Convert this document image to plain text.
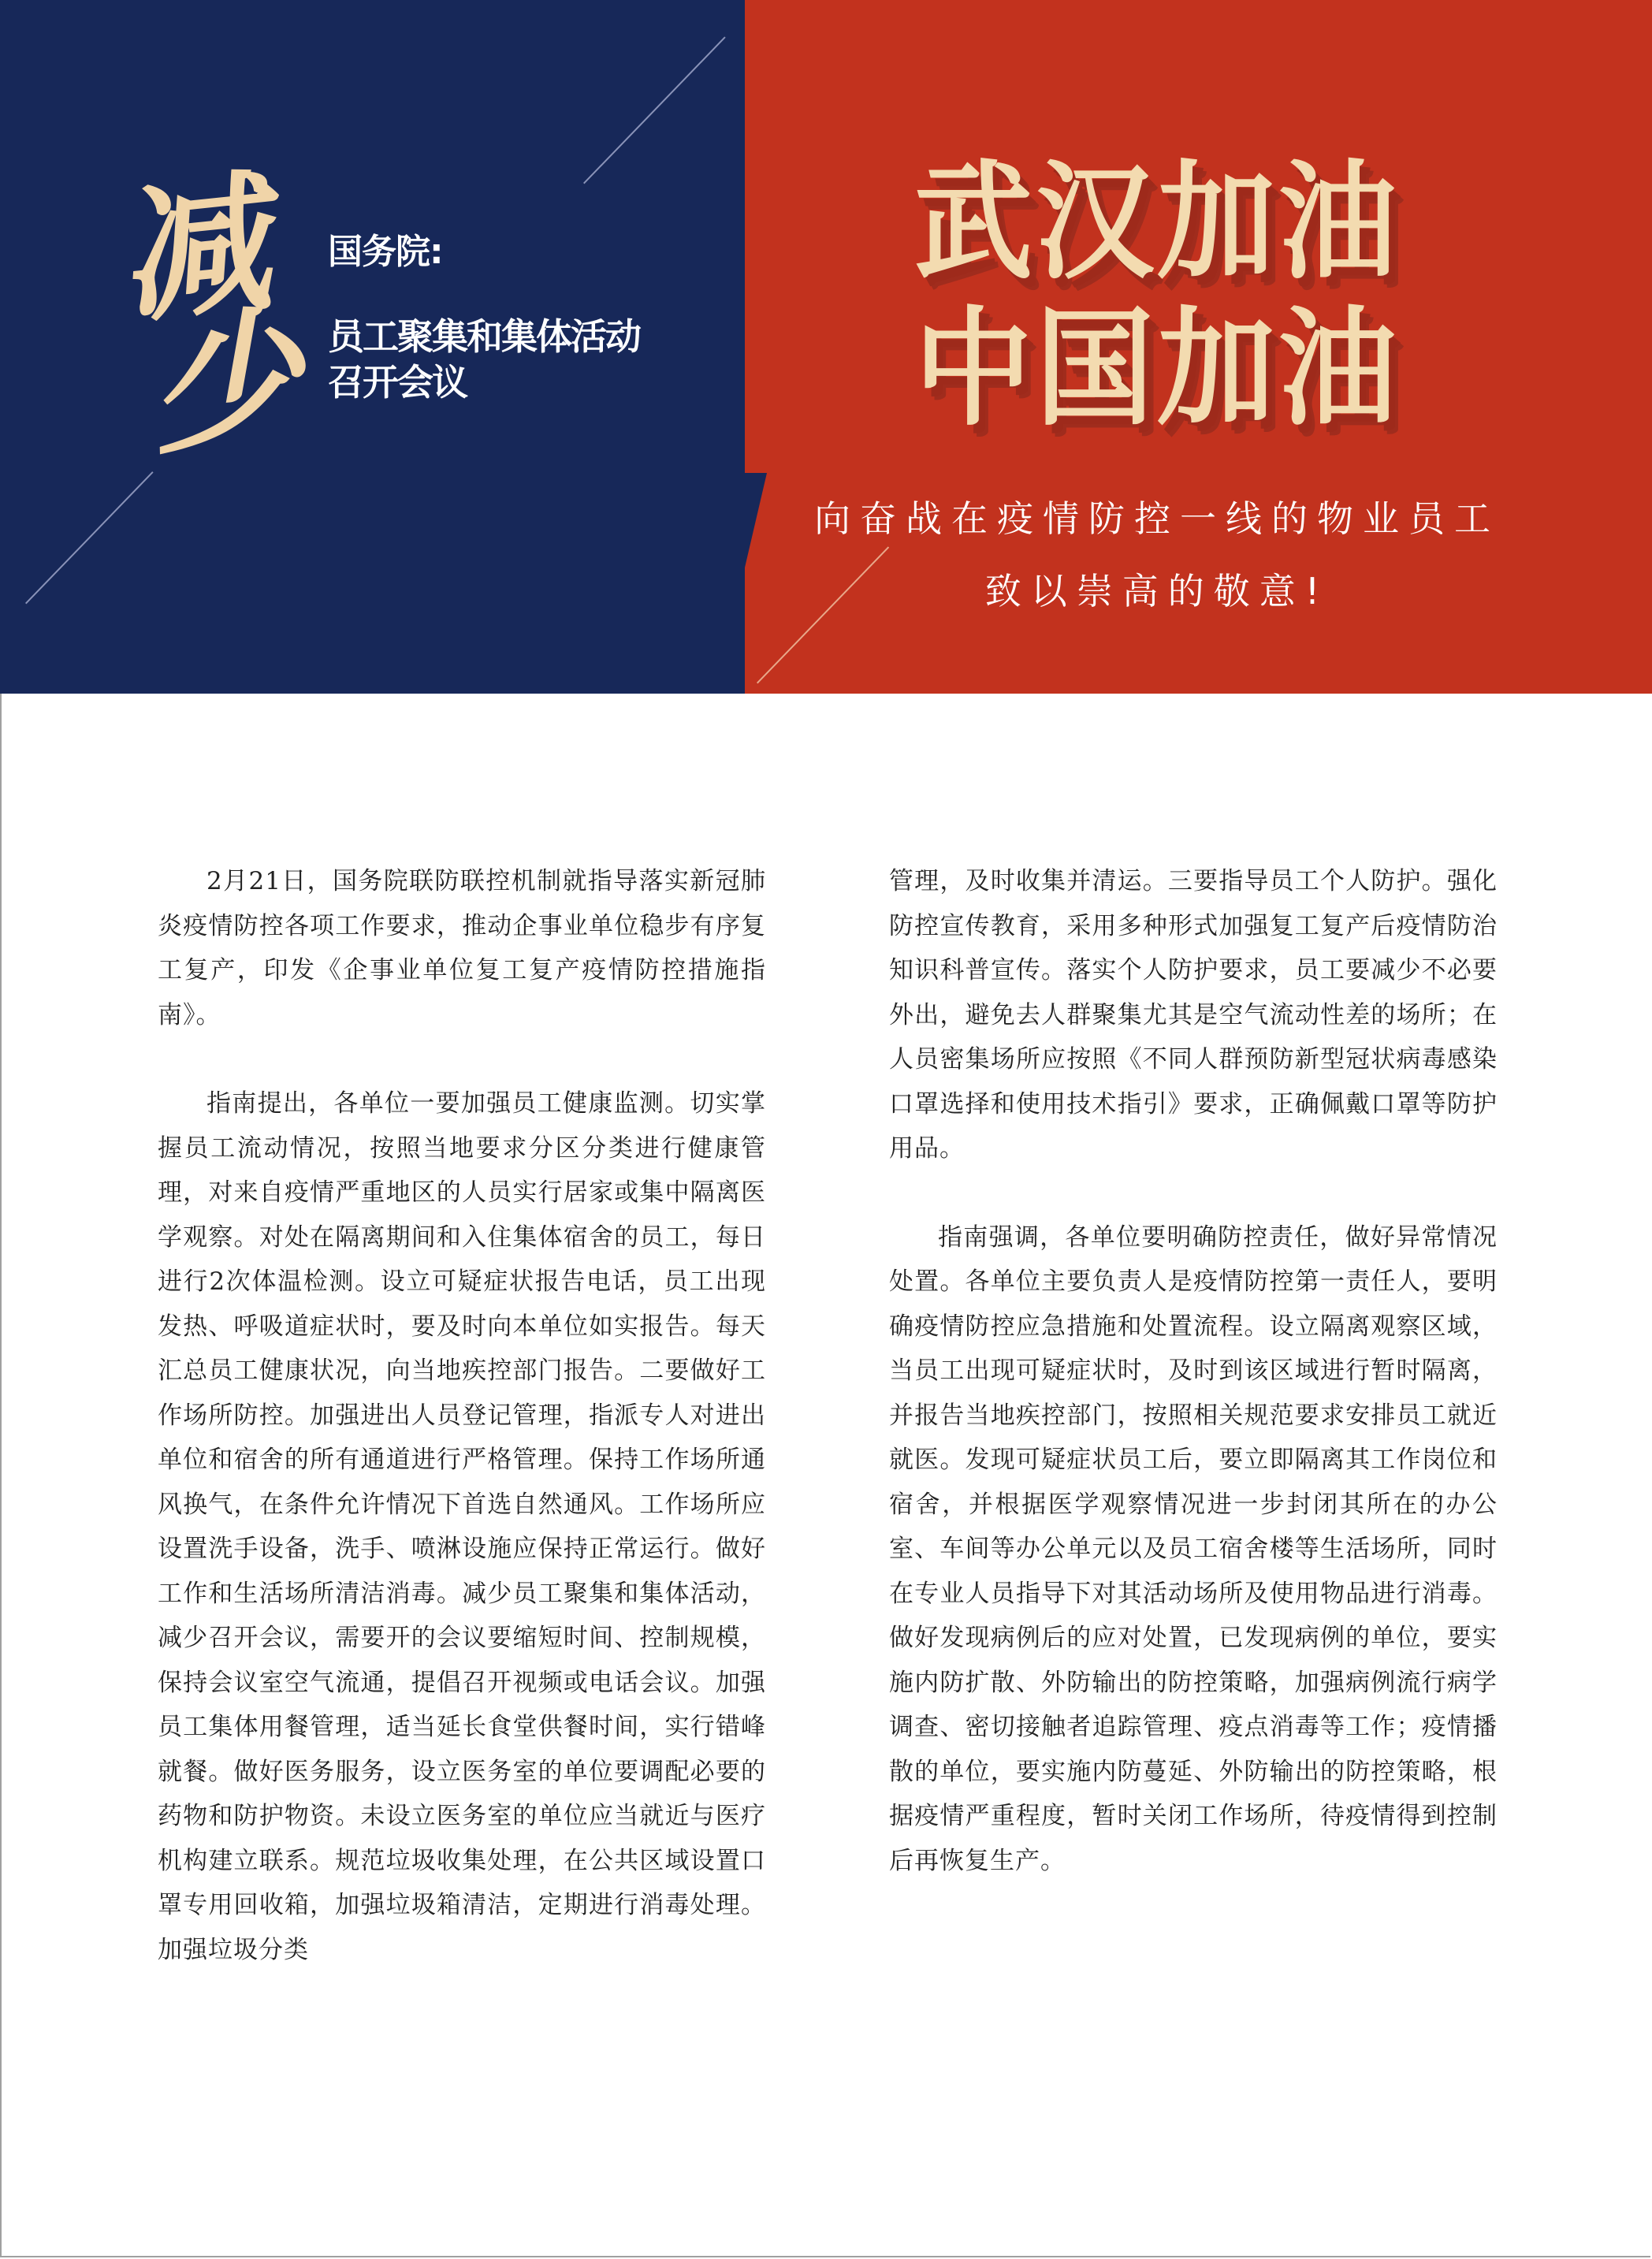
减
少
国务院:
员工聚集和集体活动
召开会议
武汉加油
中国加油
向奋战在疫情防控一线的物业员工
致以崇高的敬意!

2月21日，国务院联防联控机制就指导落实新冠肺炎疫情防控各项工作要求，推动企事业单位稳步有序复工复产，印发《企事业单位复工复产疫情防控措施指南》。

指南提出，各单位一要加强员工健康监测。切实掌握员工流动情况，按照当地要求分区分类进行健康管理，对来自疫情严重地区的人员实行居家或集中隔离医学观察。对处在隔离期间和入住集体宿舍的员工，每日进行2次体温检测。设立可疑症状报告电话，员工出现发热、呼吸道症状时，要及时向本单位如实报告。每天汇总员工健康状况，向当地疾控部门报告。二要做好工作场所防控。加强进出人员登记管理，指派专人对进出单位和宿舍的所有通道进行严格管理。保持工作场所通风换气，在条件允许情况下首选自然通风。工作场所应设置洗手设备，洗手、喷淋设施应保持正常运行。做好工作和生活场所清洁消毒。减少员工聚集和集体活动，减少召开会议，需要开的会议要缩短时间、控制规模，保持会议室空气流通，提倡召开视频或电话会议。加强员工集体用餐管理，适当延长食堂供餐时间，实行错峰就餐。做好医务服务，设立医务室的单位要调配必要的药物和防护物资。未设立医务室的单位应当就近与医疗机构建立联系。规范垃圾收集处理，在公共区域设置口罩专用回收箱，加强垃圾箱清洁，定期进行消毒处理。加强垃圾分类

管理，及时收集并清运。三要指导员工个人防护。强化防控宣传教育，采用多种形式加强复工复产后疫情防治知识科普宣传。落实个人防护要求，员工要减少不必要外出，避免去人群聚集尤其是空气流动性差的场所；在人员密集场所应按照《不同人群预防新型冠状病毒感染口罩选择和使用技术指引》要求，正确佩戴口罩等防护用品。

指南强调，各单位要明确防控责任，做好异常情况处置。各单位主要负责人是疫情防控第一责任人，要明确疫情防控应急措施和处置流程。设立隔离观察区域，当员工出现可疑症状时，及时到该区域进行暂时隔离，并报告当地疾控部门，按照相关规范要求安排员工就近就医。发现可疑症状员工后，要立即隔离其工作岗位和宿舍，并根据医学观察情况进一步封闭其所在的办公室、车间等办公单元以及员工宿舍楼等生活场所，同时在专业人员指导下对其活动场所及使用物品进行消毒。做好发现病例后的应对处置，已发现病例的单位，要实施内防扩散、外防输出的防控策略，加强病例流行病学调查、密切接触者追踪管理、疫点消毒等工作；疫情播散的单位，要实施内防蔓延、外防输出的防控策略，根据疫情严重程度，暂时关闭工作场所，待疫情得到控制后再恢复生产。
